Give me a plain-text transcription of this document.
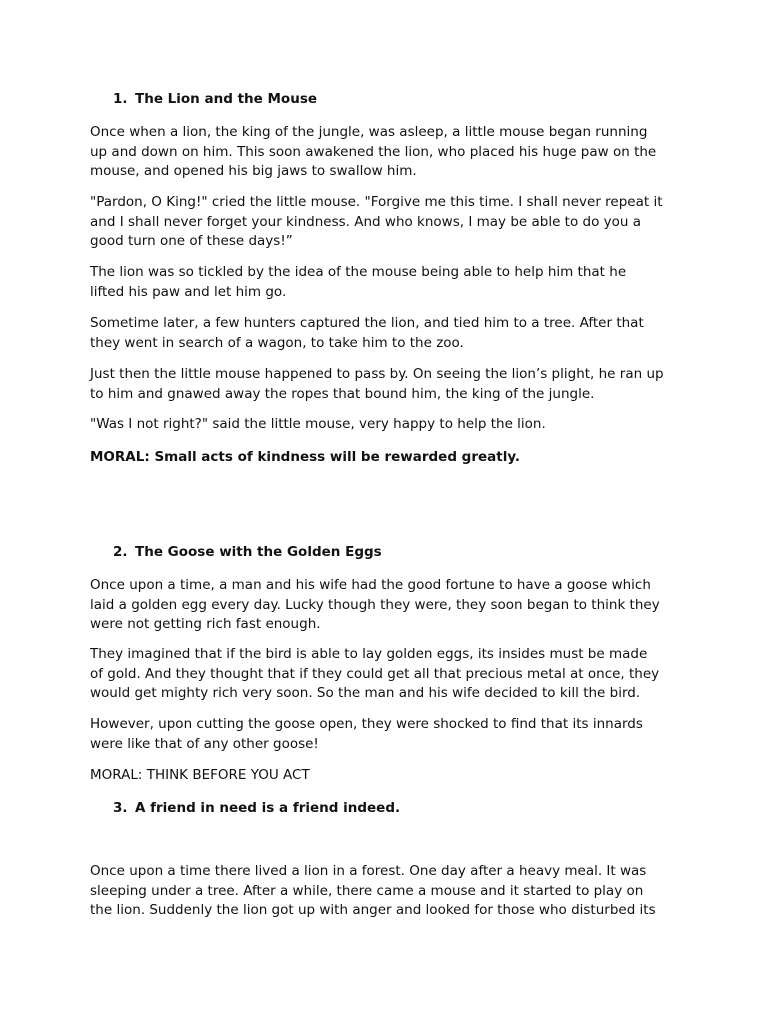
1. The Lion and the Mouse

Once when a lion, the king of the jungle, was asleep, a little mouse began running
up and down on him. This soon awakened the lion, who placed his huge paw on the
mouse, and opened his big jaws to swallow him.

"Pardon, O King!" cried the little mouse. "Forgive me this time. I shall never repeat it
and I shall never forget your kindness. And who knows, I may be able to do you a
good turn one of these days!”

The lion was so tickled by the idea of the mouse being able to help him that he
lifted his paw and let him go.

Sometime later, a few hunters captured the lion, and tied him to a tree. After that
they went in search of a wagon, to take him to the zoo.

Just then the little mouse happened to pass by. On seeing the lion’s plight, he ran up
to him and gnawed away the ropes that bound him, the king of the jungle.

"Was I not right?" said the little mouse, very happy to help the lion.

MORAL: Small acts of kindness will be rewarded greatly.

2. The Goose with the Golden Eggs

Once upon a time, a man and his wife had the good fortune to have a goose which
laid a golden egg every day. Lucky though they were, they soon began to think they
were not getting rich fast enough.

They imagined that if the bird is able to lay golden eggs, its insides must be made
of gold. And they thought that if they could get all that precious metal at once, they
would get mighty rich very soon. So the man and his wife decided to kill the bird.

However, upon cutting the goose open, they were shocked to find that its innards
were like that of any other goose!

MORAL: THINK BEFORE YOU ACT

3. A friend in need is a friend indeed.

Once upon a time there lived a lion in a forest. One day after a heavy meal. It was
sleeping under a tree. After a while, there came a mouse and it started to play on
the lion. Suddenly the lion got up with anger and looked for those who disturbed its
